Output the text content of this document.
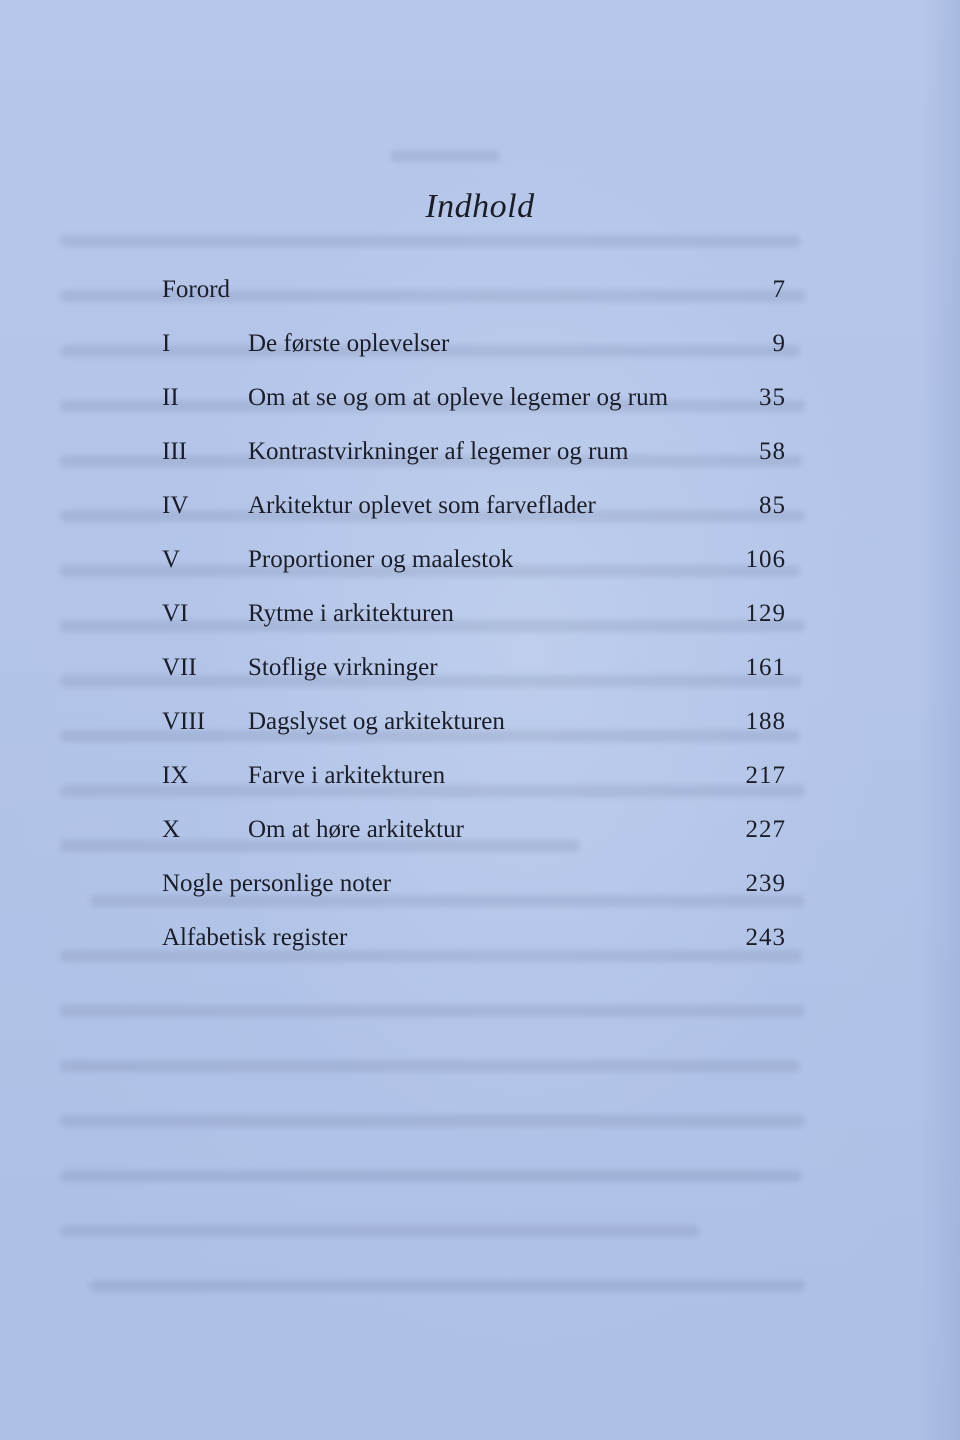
Indhold
Forord	7
I	De første oplevelser	9
II	Om at se og om at opleve legemer og rum	35
III Kontrastvirkninger af legemer og rum	58
IV Arkitektur oplevet som farveflader	85
V	Proportioner og maalestok	106
VI Rytme i arkitekturen	129
VII Stoflige virkninger	161
VIII Dagslyset og arkitekturen	188
IX Farve i arkitekturen	217
X	Om at høre arkitektur	227
Nogle personlige noter	239
Alfabetisk register	243
